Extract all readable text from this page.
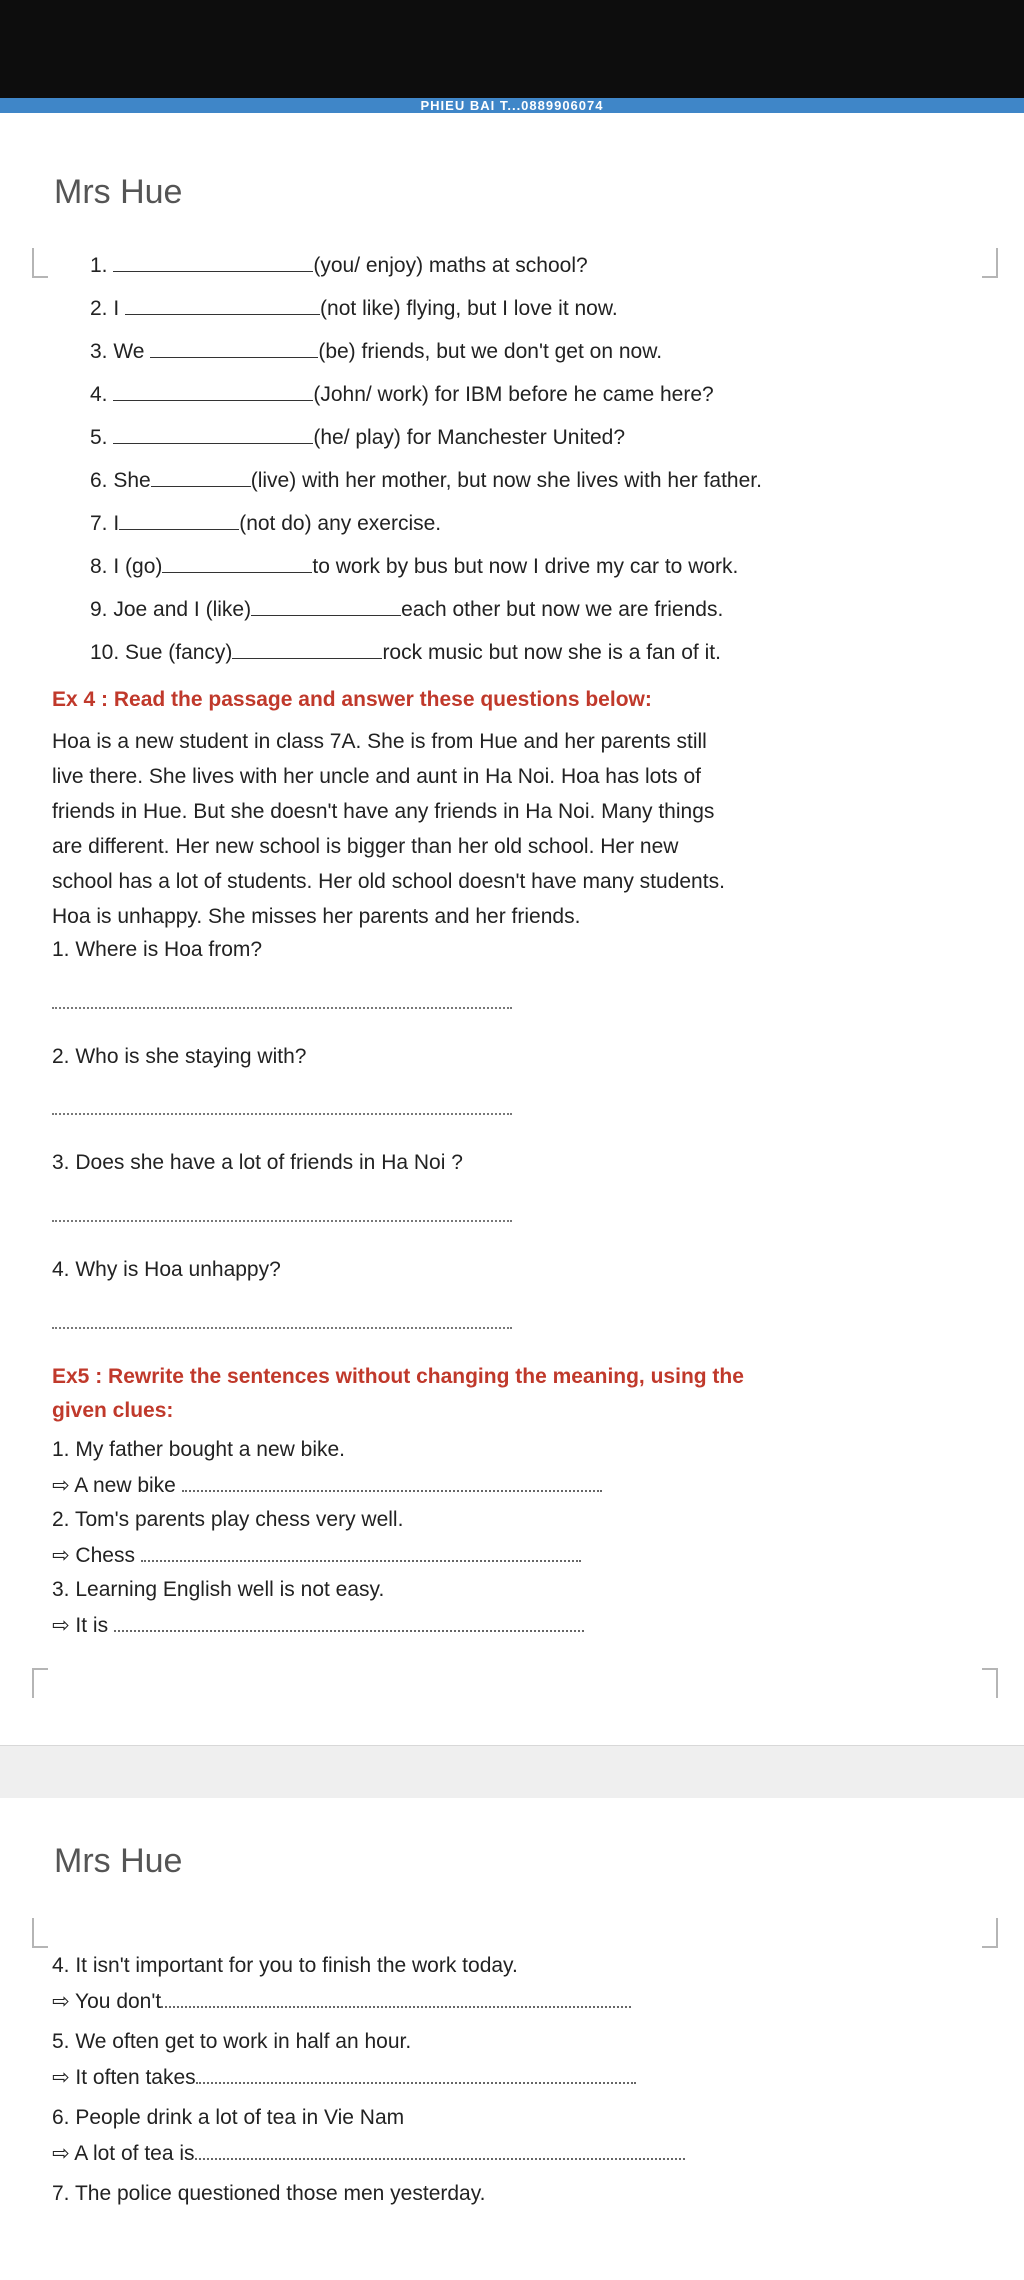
PHIEU BAI T...0889906074
Mrs Hue
1.	(you/ enjoy) maths at school?
2. I	(not like) flying, but I love it now.
3. We	(be) friends, but we don't get on now.
4.	(John/ work) for IBM before he came here?
5.	(he/ play) for Manchester United?
6. She	(live) with her mother, but now she lives with her father.
7. I	(not do) any exercise.
8. I (go)	to work by bus but now I drive my car to work.
9. Joe and I (like)	each other but now we are friends.
10. Sue (fancy)	rock music but now she is a fan of it.
Ex 4 : Read the passage and answer these questions below:
Hoa is a new student in class 7A. She is from Hue and her parents still
live there. She lives with her uncle and aunt in Ha Noi. Hoa has lots of
friends in Hue. But she doesn't have any friends in Ha Noi. Many things
are different. Her new school is bigger than her old school. Her new
school has a lot of students. Her old school doesn't have many students.
Hoa is unhappy. She misses her parents and her friends.
1. Where is Hoa from?
2. Who is she staying with?
3. Does she have a lot of friends in Ha Noi ?
4. Why is Hoa unhappy?
Ex5 : Rewrite the sentences without changing the meaning, using the
given clues:
1. My father bought a new bike.
⇨ A new bike
2. Tom's parents play chess very well.
⇨ Chess
3. Learning English well is not easy.
⇨ It is
Mrs Hue
4. It isn't important for you to finish the work today.
⇨ You don't
5. We often get to work in half an hour.
⇨ It often takes
6. People drink a lot of tea in Vie Nam
⇨ A lot of tea is
7. The police questioned those men yesterday.
